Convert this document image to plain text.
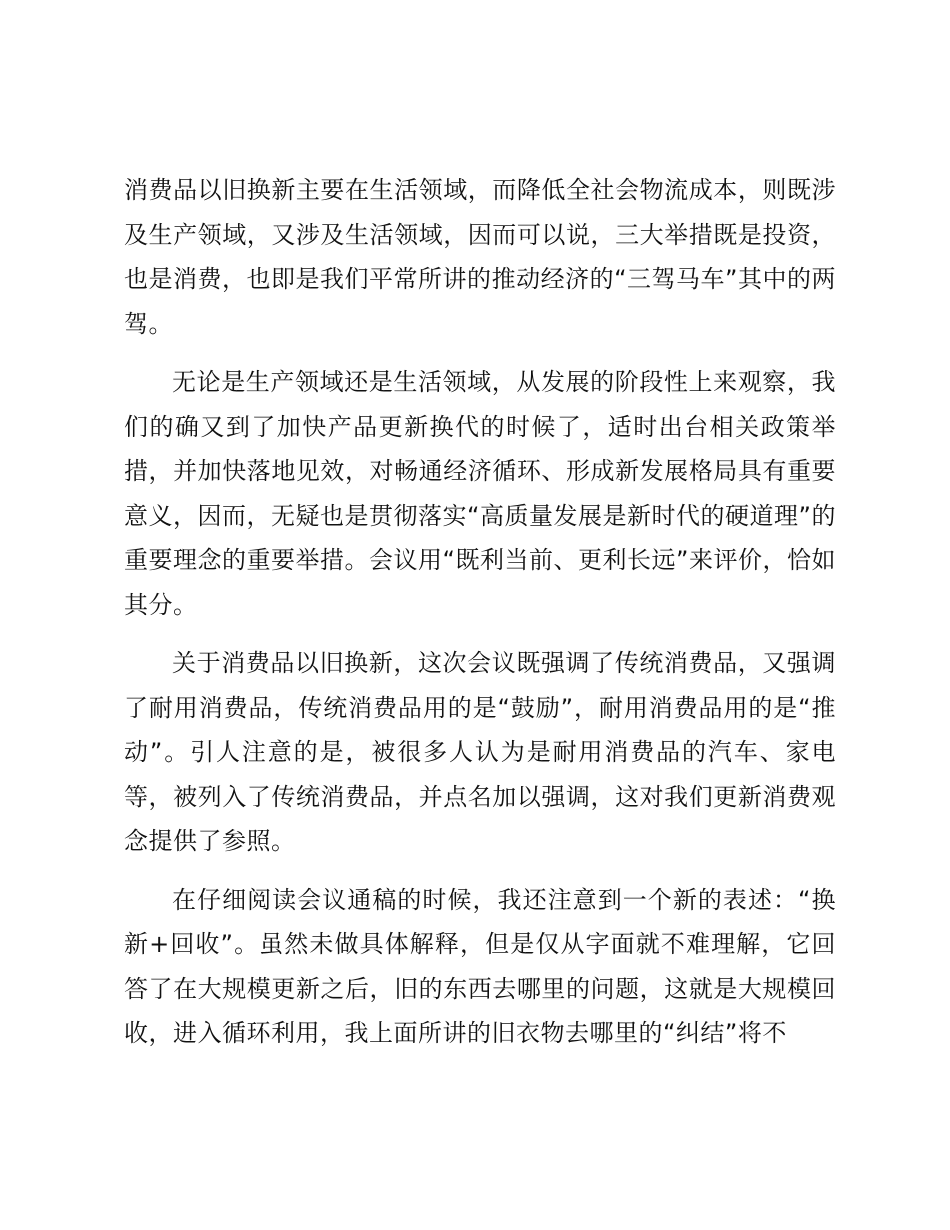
消费品以旧换新主要在生活领域，而降低全社会物流成本，则既涉及生产领域，又涉及生活领域，因而可以说，三大举措既是投资，也是消费，也即是我们平常所讲的推动经济的“三驾马车”其中的两驾。

无论是生产领域还是生活领域，从发展的阶段性上来观察，我们的确又到了加快产品更新换代的时候了，适时出台相关政策举措，并加快落地见效，对畅通经济循环、形成新发展格局具有重要意义，因而，无疑也是贯彻落实“高质量发展是新时代的硬道理”的重要理念的重要举措。会议用“既利当前、更利长远”来评价，恰如其分。

关于消费品以旧换新，这次会议既强调了传统消费品，又强调了耐用消费品，传统消费品用的是“鼓励”，耐用消费品用的是“推动”。引人注意的是，被很多人认为是耐用消费品的汽车、家电等，被列入了传统消费品，并点名加以强调，这对我们更新消费观念提供了参照。

在仔细阅读会议通稿的时候，我还注意到一个新的表述：“换新+回收”。虽然未做具体解释，但是仅从字面就不难理解，它回答了在大规模更新之后，旧的东西去哪里的问题，这就是大规模回收，进入循环利用，我上面所讲的旧衣物去哪里的“纠结”将不
